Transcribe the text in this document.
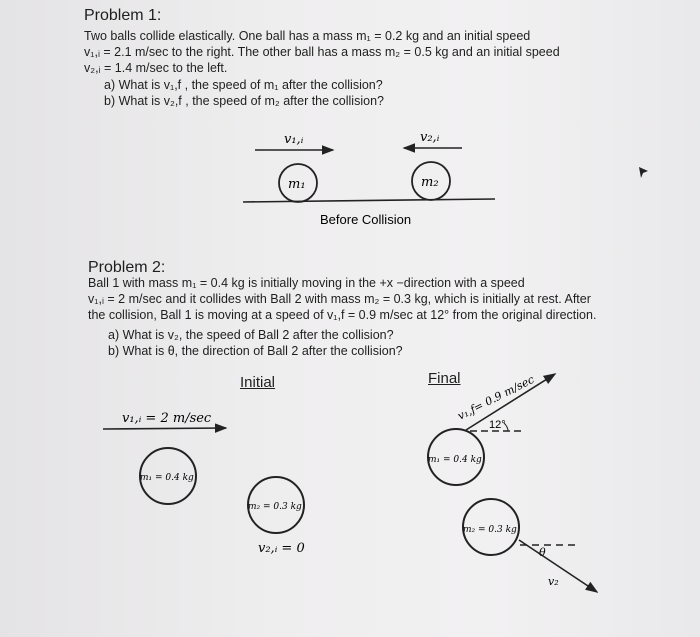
Problem 1:
Two balls collide elastically. One ball has a mass m₁ = 0.2 kg and an initial speed
v₁,ᵢ = 2.1 m/sec to the right. The other ball has a mass m₂ = 0.5 kg and an initial speed
v₂,ᵢ = 1.4 m/sec to the left.
a) What is v₁,f , the speed of m₁ after the collision?
b) What is v₂,f , the speed of m₂ after the collision?
v₁,ᵢ	v₂,ᵢ
m₁	m₂
Before Collision
m₁ = 0.4 kg
m₂ = 0.3 kg
v₁,ᵢ = 2 m/sec
v₂,ᵢ = 0
m₁ = 0.4 kg
m₂ = 0.3 kg
v₁,f
= 0.9 m/sec
12°
θ
v₂
Problem 2:
Ball 1 with mass m₁ = 0.4 kg is initially moving in the +x −direction with a speed
v₁,ᵢ = 2 m/sec and it collides with Ball 2 with mass m₂ = 0.3 kg, which is initially at rest. After
the collision, Ball 1 is moving at a speed of v₁,f = 0.9 m/sec at 12° from the original direction.
a) What is v₂, the speed of Ball 2 after the collision?
b) What is θ, the direction of Ball 2 after the collision?
Initial	Final
